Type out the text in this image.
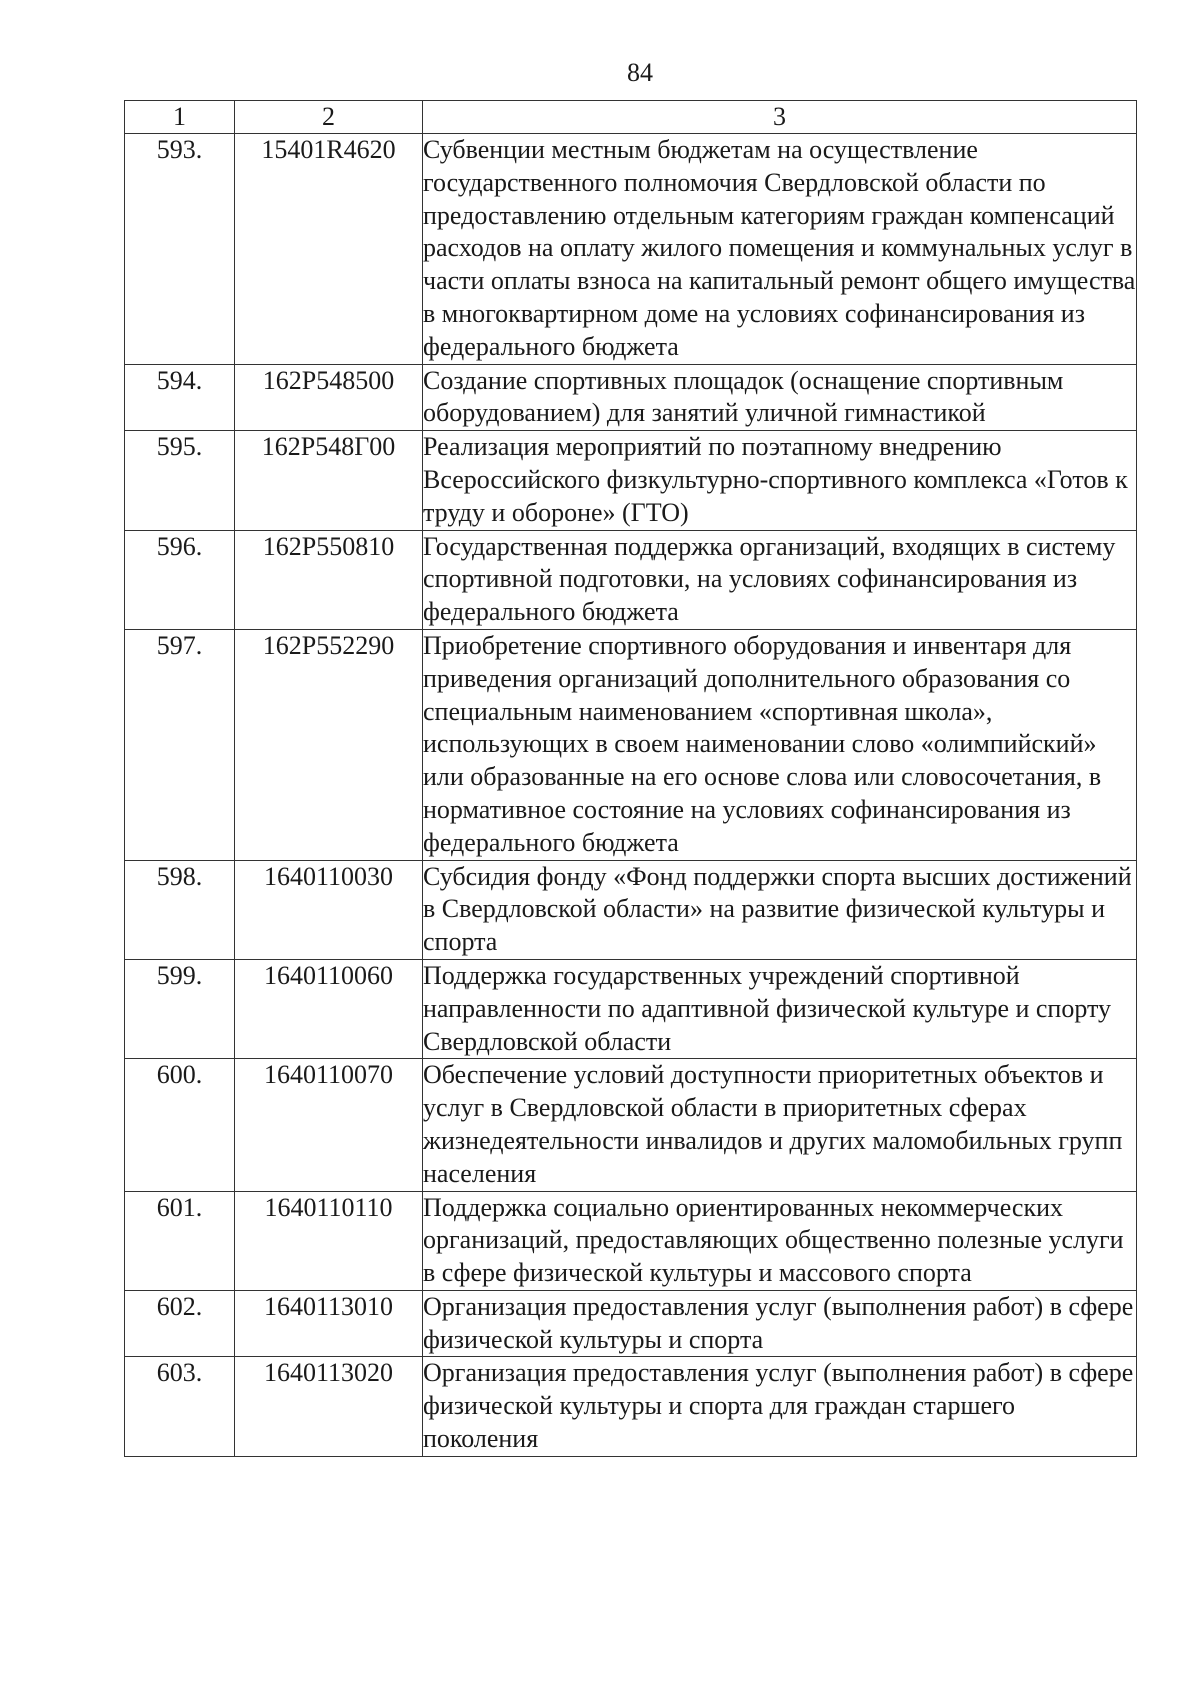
84
1	2	3
593.	15401R4620	Субвенции местным бюджетам на осуществление государственного полномочия Свердловской области по предоставлению отдельным категориям граждан компенсаций расходов на оплату жилого помещения и коммунальных услуг в части оплаты взноса на капитальный ремонт общего имущества в многоквартирном доме на условиях софинансирования из федерального бюджета
594.	162P548500	Создание спортивных площадок (оснащение спортивным оборудованием) для занятий уличной гимнастикой
595.	162P548Г00	Реализация мероприятий по поэтапному внедрению Всероссийского физкультурно-спортивного комплекса «Готов к труду и обороне» (ГТО)
596.	162P550810	Государственная поддержка организаций, входящих в систему спортивной подготовки, на условиях софинансирования из федерального бюджета
597.	162P552290	Приобретение спортивного оборудования и инвентаря для приведения организаций дополнительного образования со специальным наименованием «спортивная школа», использующих в своем наименовании слово «олимпийский» или образованные на его основе слова или словосочетания, в нормативное состояние на условиях софинансирования из федерального бюджета
598.	1640110030	Субсидия фонду «Фонд поддержки спорта высших достижений в Свердловской области» на развитие физической культуры и спорта
599.	1640110060	Поддержка государственных учреждений спортивной направленности по адаптивной физической культуре и спорту Свердловской области
600.	1640110070	Обеспечение условий доступности приоритетных объектов и услуг в Свердловской области в приоритетных сферах жизнедеятельности инвалидов и других маломобильных групп населения
601.	1640110110	Поддержка социально ориентированных некоммерческих организаций, предоставляющих общественно полезные услуги в сфере физической культуры и массового спорта
602.	1640113010	Организация предоставления услуг (выполнения работ) в сфере физической культуры и спорта
603.	1640113020	Организация предоставления услуг (выполнения работ) в сфере физической культуры и спорта для граждан старшего поколения
